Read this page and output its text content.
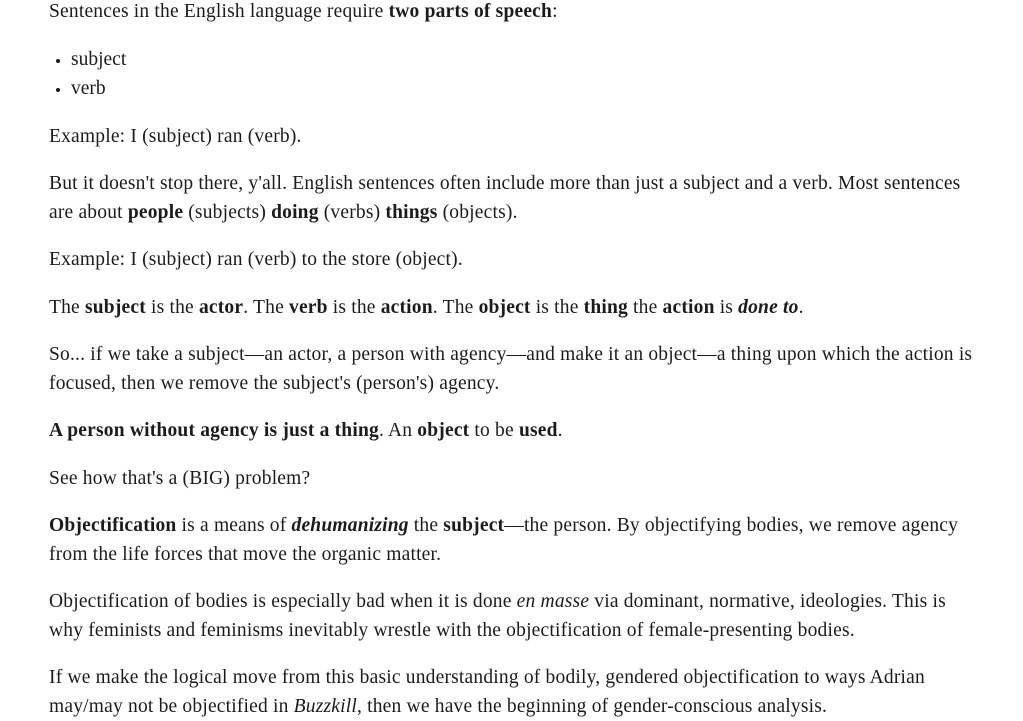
Sentences in the English language require two parts of speech:

• subject
• verb

Example: I (subject) ran (verb).

But it doesn't stop there, y'all. English sentences often include more than just a subject and a verb. Most sentences are about people (subjects) doing (verbs) things (objects).

Example: I (subject) ran (verb) to the store (object).

The subject is the actor. The verb is the action. The object is the thing the action is done to.

So... if we take a subject—an actor, a person with agency—and make it an object—a thing upon which the action is focused, then we remove the subject's (person's) agency.

A person without agency is just a thing. An object to be used.

See how that's a (BIG) problem?

Objectification is a means of dehumanizing the subject—the person. By objectifying bodies, we remove agency from the life forces that move the organic matter.

Objectification of bodies is especially bad when it is done en masse via dominant, normative, ideologies. This is why feminists and feminisms inevitably wrestle with the objectification of female-presenting bodies.

If we make the logical move from this basic understanding of bodily, gendered objectification to ways Adrian may/may not be objectified in Buzzkill, then we have the beginning of gender-conscious analysis.
